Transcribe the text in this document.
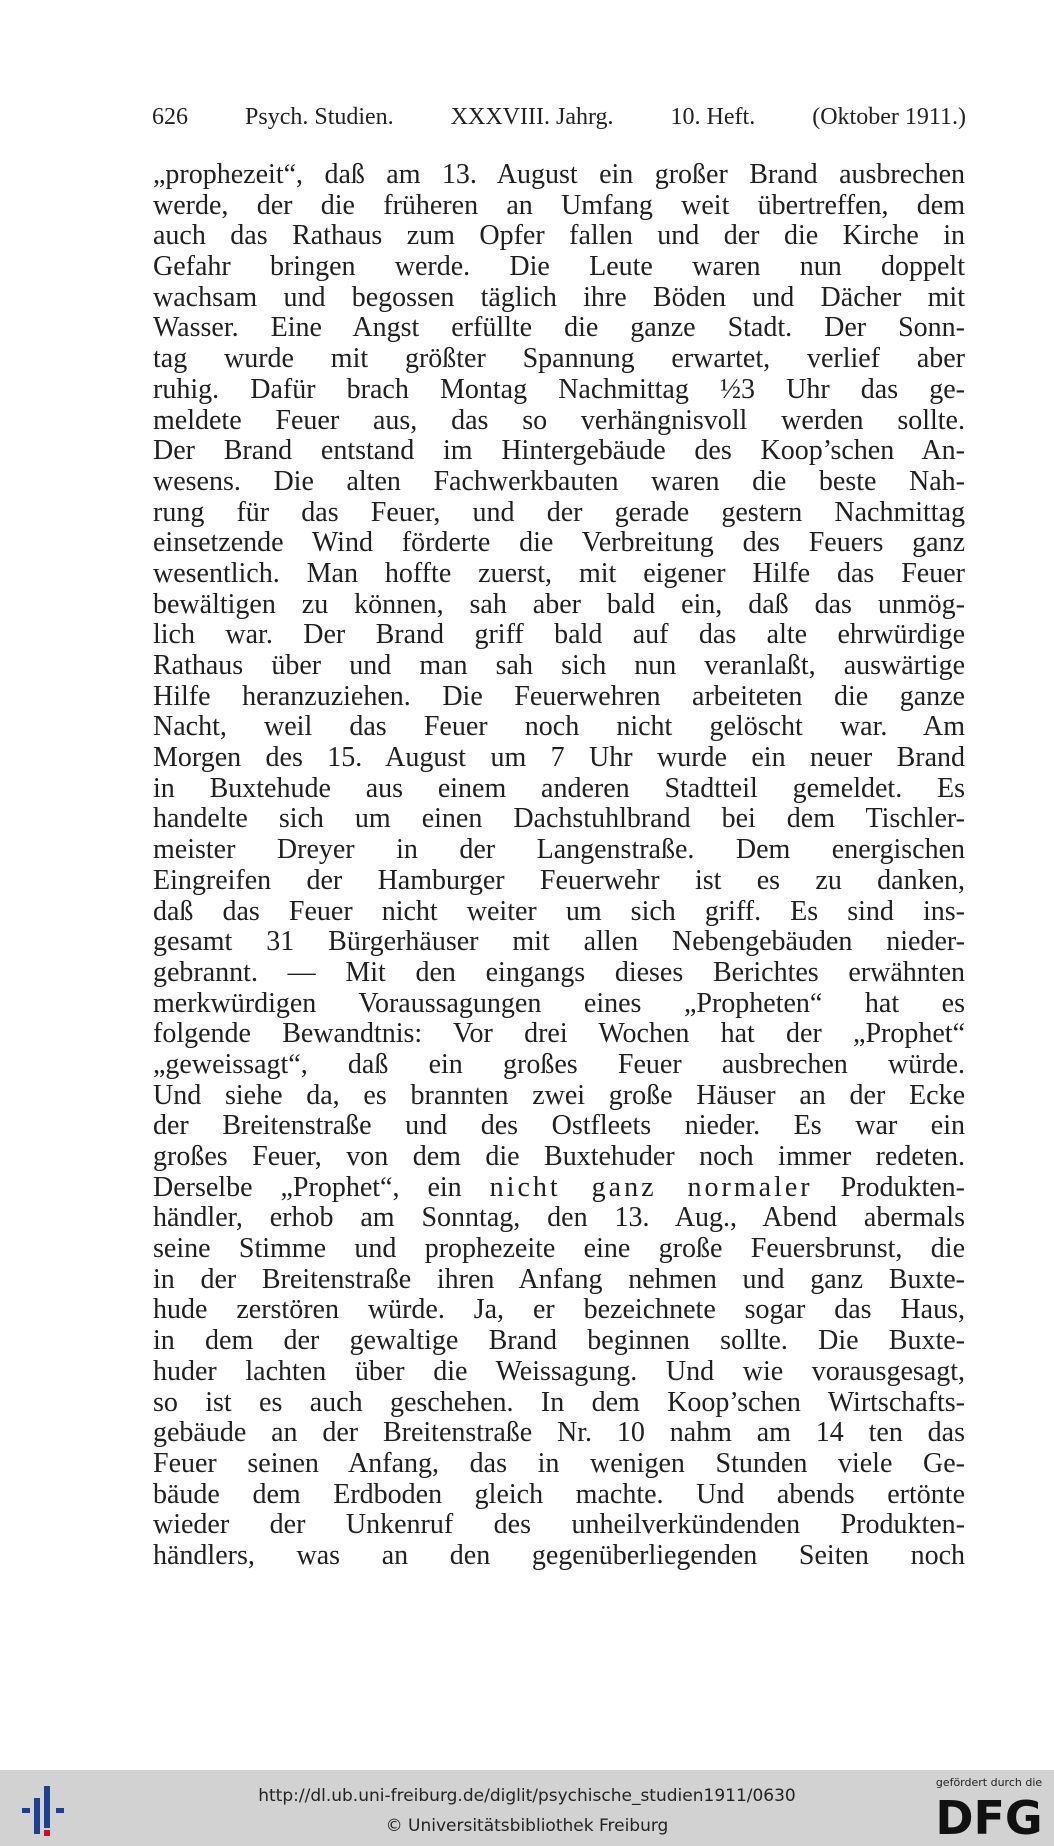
626 Psych. Studien. XXXVIII. Jahrg. 10. Heft. (Oktober 1911.)
„prophezeit“, daß am 13. August ein großer Brand ausbrechen
werde, der die früheren an Umfang weit übertreffen, dem
auch das Rathaus zum Opfer fallen und der die Kirche in
Gefahr bringen werde. Die Leute waren nun doppelt
wachsam und begossen täglich ihre Böden und Dächer mit
Wasser. Eine Angst erfüllte die ganze Stadt. Der Sonn-
tag wurde mit größter Spannung erwartet, verlief aber
ruhig. Dafür brach Montag Nachmittag ½3 Uhr das ge-
meldete Feuer aus, das so verhängnisvoll werden sollte.
Der Brand entstand im Hintergebäude des Koop’schen An-
wesens. Die alten Fachwerkbauten waren die beste Nah-
rung für das Feuer, und der gerade gestern Nachmittag
einsetzende Wind förderte die Verbreitung des Feuers ganz
wesentlich. Man hoffte zuerst, mit eigener Hilfe das Feuer
bewältigen zu können, sah aber bald ein, daß das unmög-
lich war. Der Brand griff bald auf das alte ehrwürdige
Rathaus über und man sah sich nun veranlaßt, auswärtige
Hilfe heranzuziehen. Die Feuerwehren arbeiteten die ganze
Nacht, weil das Feuer noch nicht gelöscht war. Am
Morgen des 15. August um 7 Uhr wurde ein neuer Brand
in Buxtehude aus einem anderen Stadtteil gemeldet. Es
handelte sich um einen Dachstuhlbrand bei dem Tischler-
meister Dreyer in der Langenstraße. Dem energischen
Eingreifen der Hamburger Feuerwehr ist es zu danken,
daß das Feuer nicht weiter um sich griff. Es sind ins-
gesamt 31 Bürgerhäuser mit allen Nebengebäuden nieder-
gebrannt. — Mit den eingangs dieses Berichtes erwähnten
merkwürdigen Voraussagungen eines „Propheten“ hat es
folgende Bewandtnis: Vor drei Wochen hat der „Prophet“
„geweissagt“, daß ein großes Feuer ausbrechen würde.
Und siehe da, es brannten zwei große Häuser an der Ecke
der Breitenstraße und des Ostfleets nieder. Es war ein
großes Feuer, von dem die Buxtehuder noch immer redeten.
Derselbe „Prophet“, ein nicht ganz normaler Produkten-
händler, erhob am Sonntag, den 13. Aug., Abend abermals
seine Stimme und prophezeite eine große Feuersbrunst, die
in der Breitenstraße ihren Anfang nehmen und ganz Buxte-
hude zerstören würde. Ja, er bezeichnete sogar das Haus,
in dem der gewaltige Brand beginnen sollte. Die Buxte-
huder lachten über die Weissagung. Und wie vorausgesagt,
so ist es auch geschehen. In dem Koop’schen Wirtschafts-
gebäude an der Breitenstraße Nr. 10 nahm am 14 ten das
Feuer seinen Anfang, das in wenigen Stunden viele Ge-
bäude dem Erdboden gleich machte. Und abends ertönte
wieder der Unkenruf des unheilverkündenden Produkten-
händlers, was an den gegenüberliegenden Seiten noch
http://dl.ub.uni-freiburg.de/diglit/psychische_studien1911/0630
© Universitätsbibliothek Freiburg
gefördert durch die
DFG
